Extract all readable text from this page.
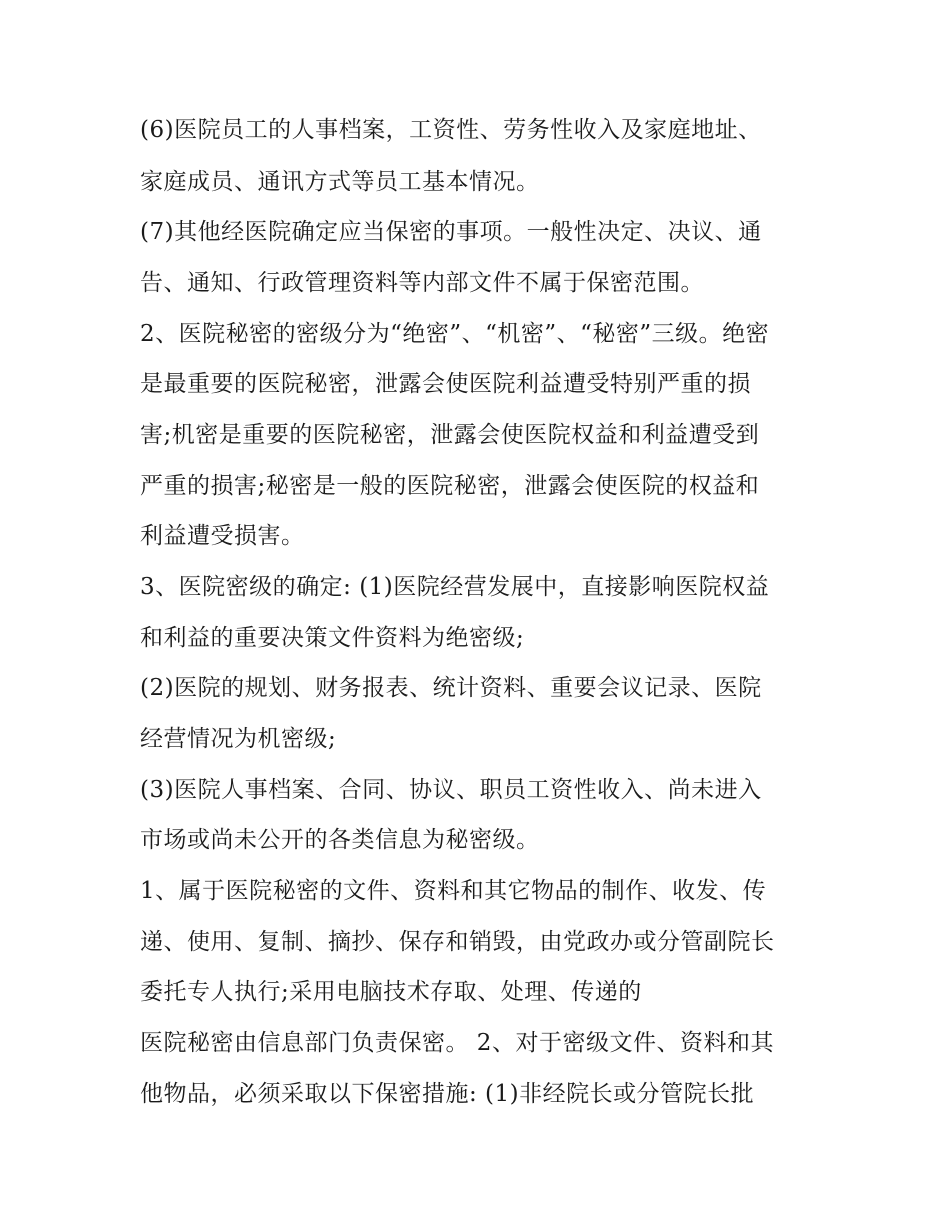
(6)医院员工的人事档案，工资性、劳务性收入及家庭地址、
家庭成员、通讯方式等员工基本情况。
(7)其他经医院确定应当保密的事项。一般性决定、决议、通
告、通知、行政管理资料等内部文件不属于保密范围。
2、医院秘密的密级分为“绝密”、“机密”、“秘密”三级。绝密
是最重要的医院秘密，泄露会使医院利益遭受特别严重的损
害;机密是重要的医院秘密，泄露会使医院权益和利益遭受到
严重的损害;秘密是一般的医院秘密，泄露会使医院的权益和
利益遭受损害。
3、医院密级的确定: (1)医院经营发展中，直接影响医院权益
和利益的重要决策文件资料为绝密级;
(2)医院的规划、财务报表、统计资料、重要会议记录、医院
经营情况为机密级;
(3)医院人事档案、合同、协议、职员工资性收入、尚未进入
市场或尚未公开的各类信息为秘密级。
1、属于医院秘密的文件、资料和其它物品的制作、收发、传
递、使用、复制、摘抄、保存和销毁，由党政办或分管副院长
委托专人执行;采用电脑技术存取、处理、传递的
医院秘密由信息部门负责保密。 2、对于密级文件、资料和其
他物品，必须采取以下保密措施: (1)非经院长或分管院长批
